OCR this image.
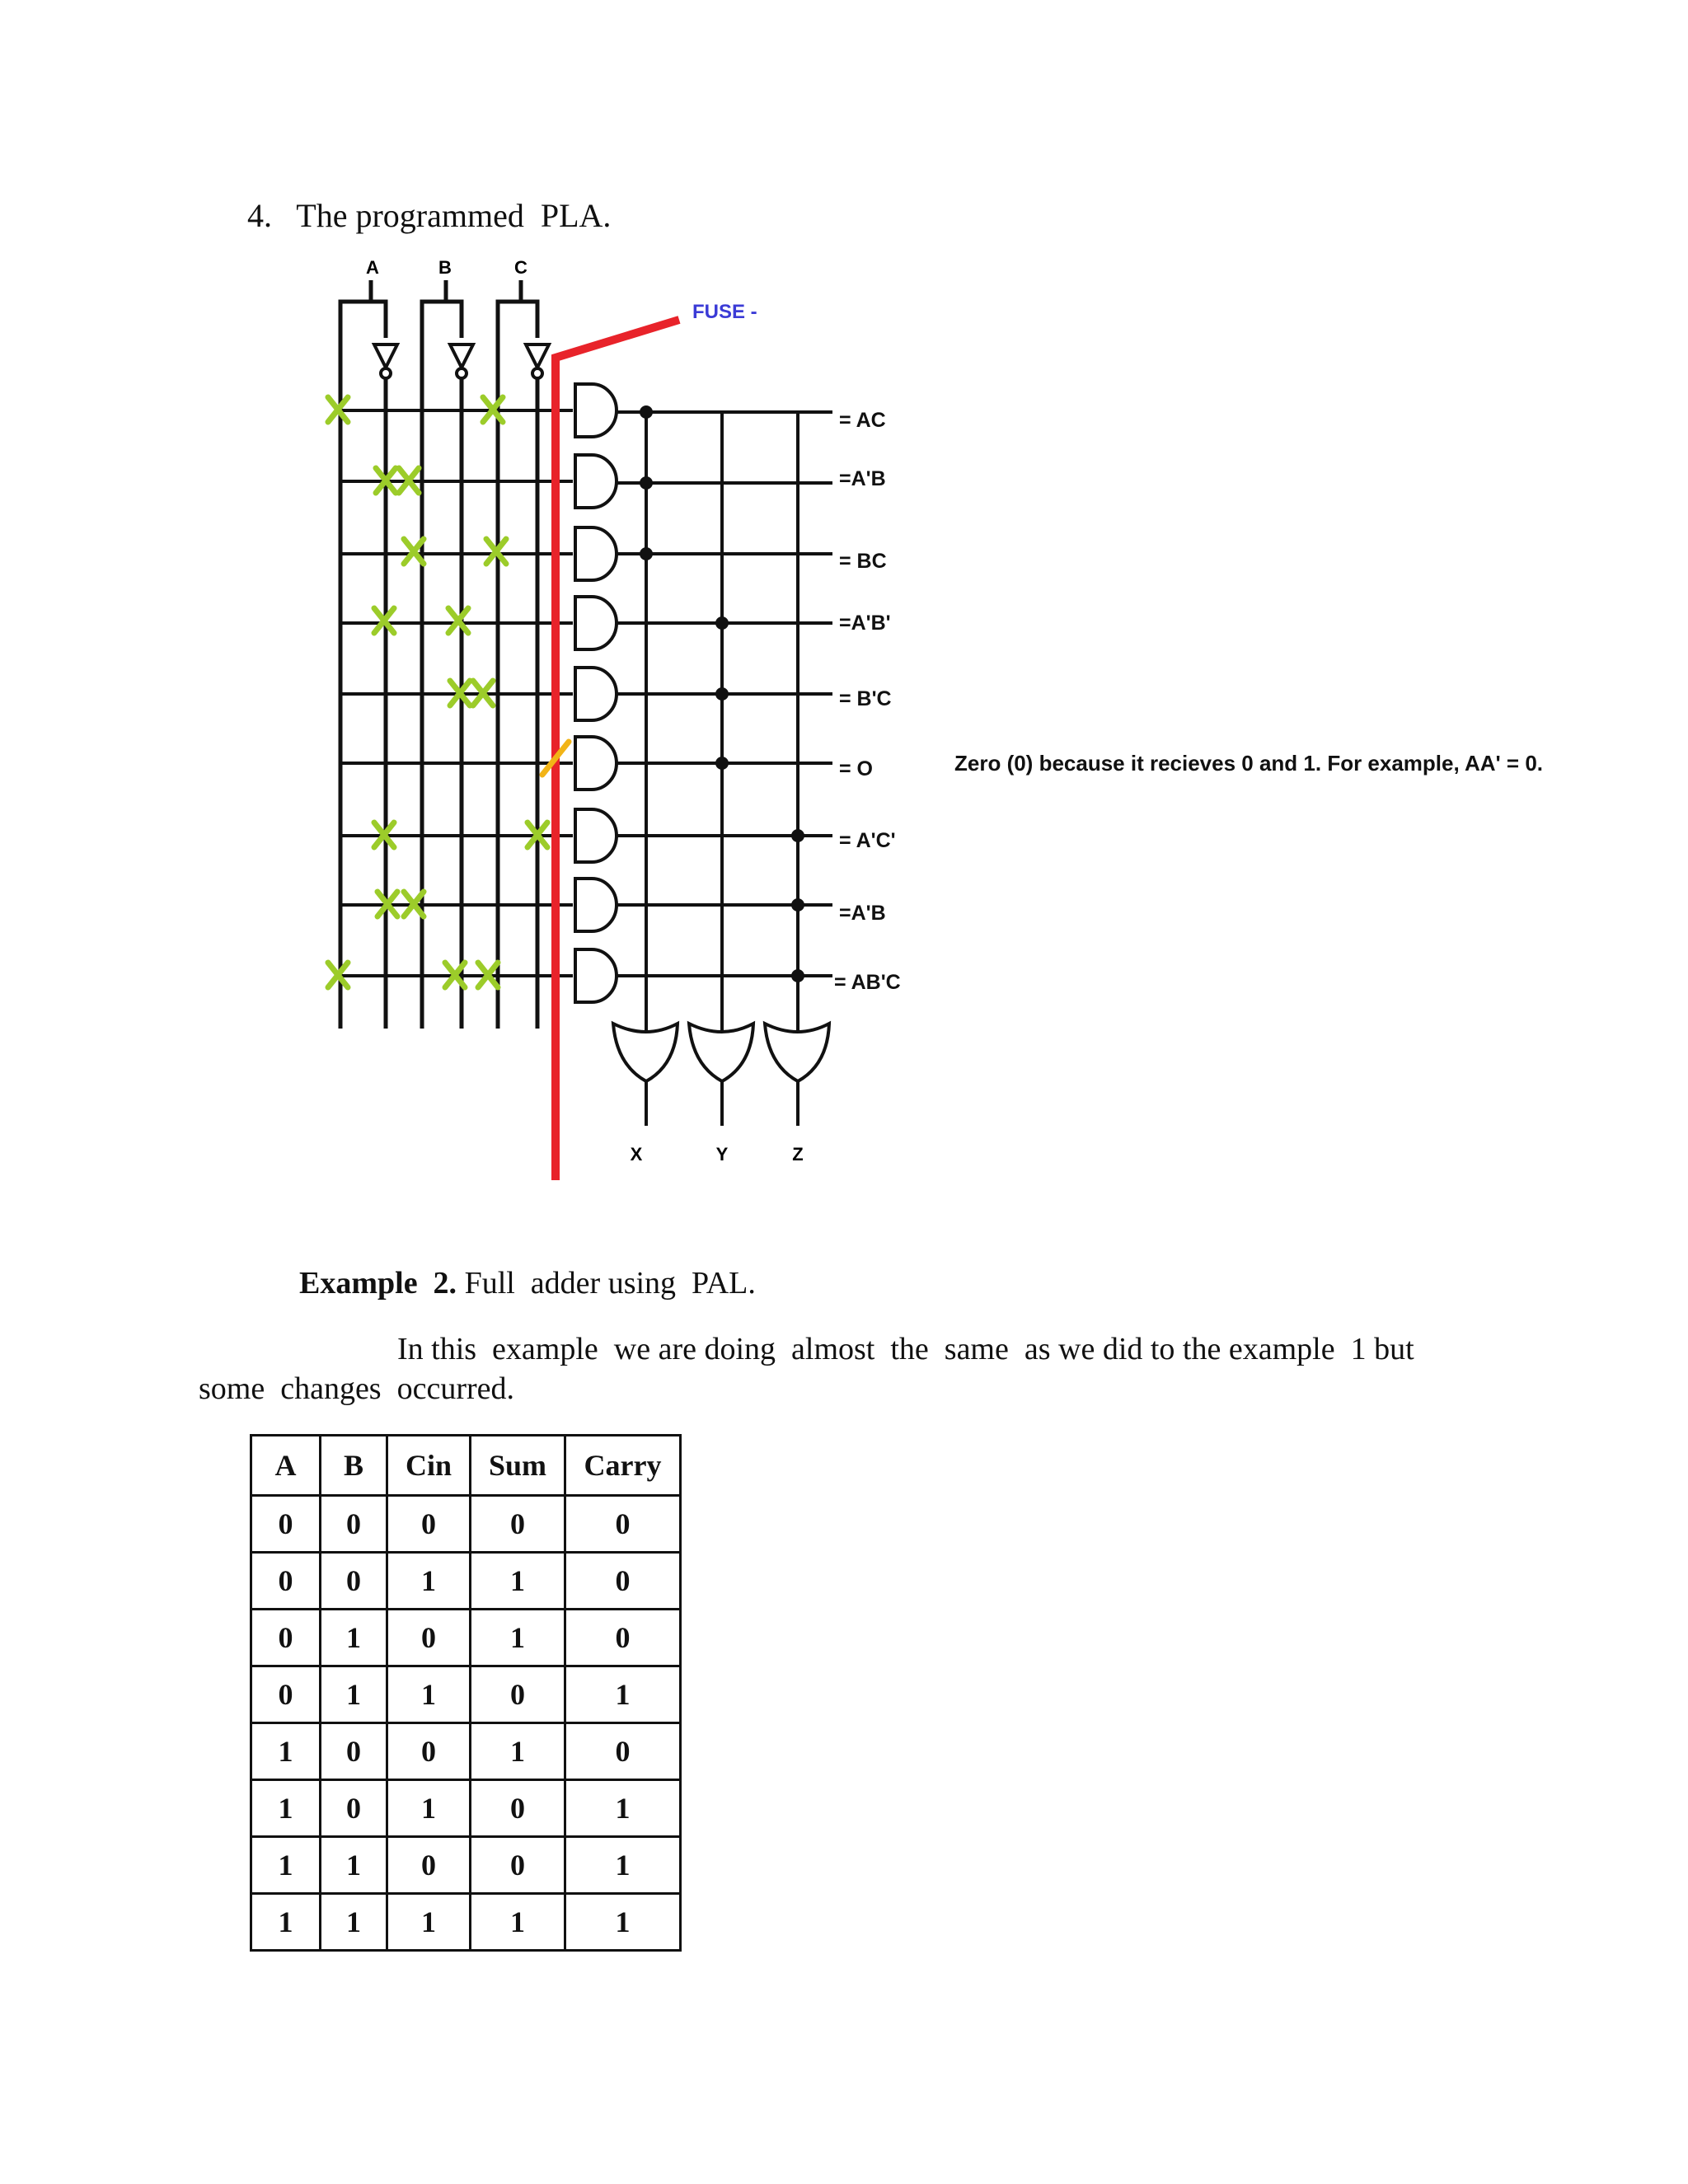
4.   The programmed  PLA.
A	B	C
X	Y	Z
= AC
=A'B
= BC
=A'B'
= B'C
= O
= A'C'
=A'B
= AB'C
FUSE -
Zero (0) because it recieves 0 and 1. For example, AA' = 0.
Example  2. Full  adder using  PAL.
In this  example  we are doing  almost  the  same  as we did to the example  1 but
some  changes  occurred.
A	B	Cin	Sum	Carry
0	0	0	0	0
0	0	1	1	0
0	1	0	1	0
0	1	1	0	1
1	0	0	1	0
1	0	1	0	1
1	1	0	0	1
1	1	1	1	1
